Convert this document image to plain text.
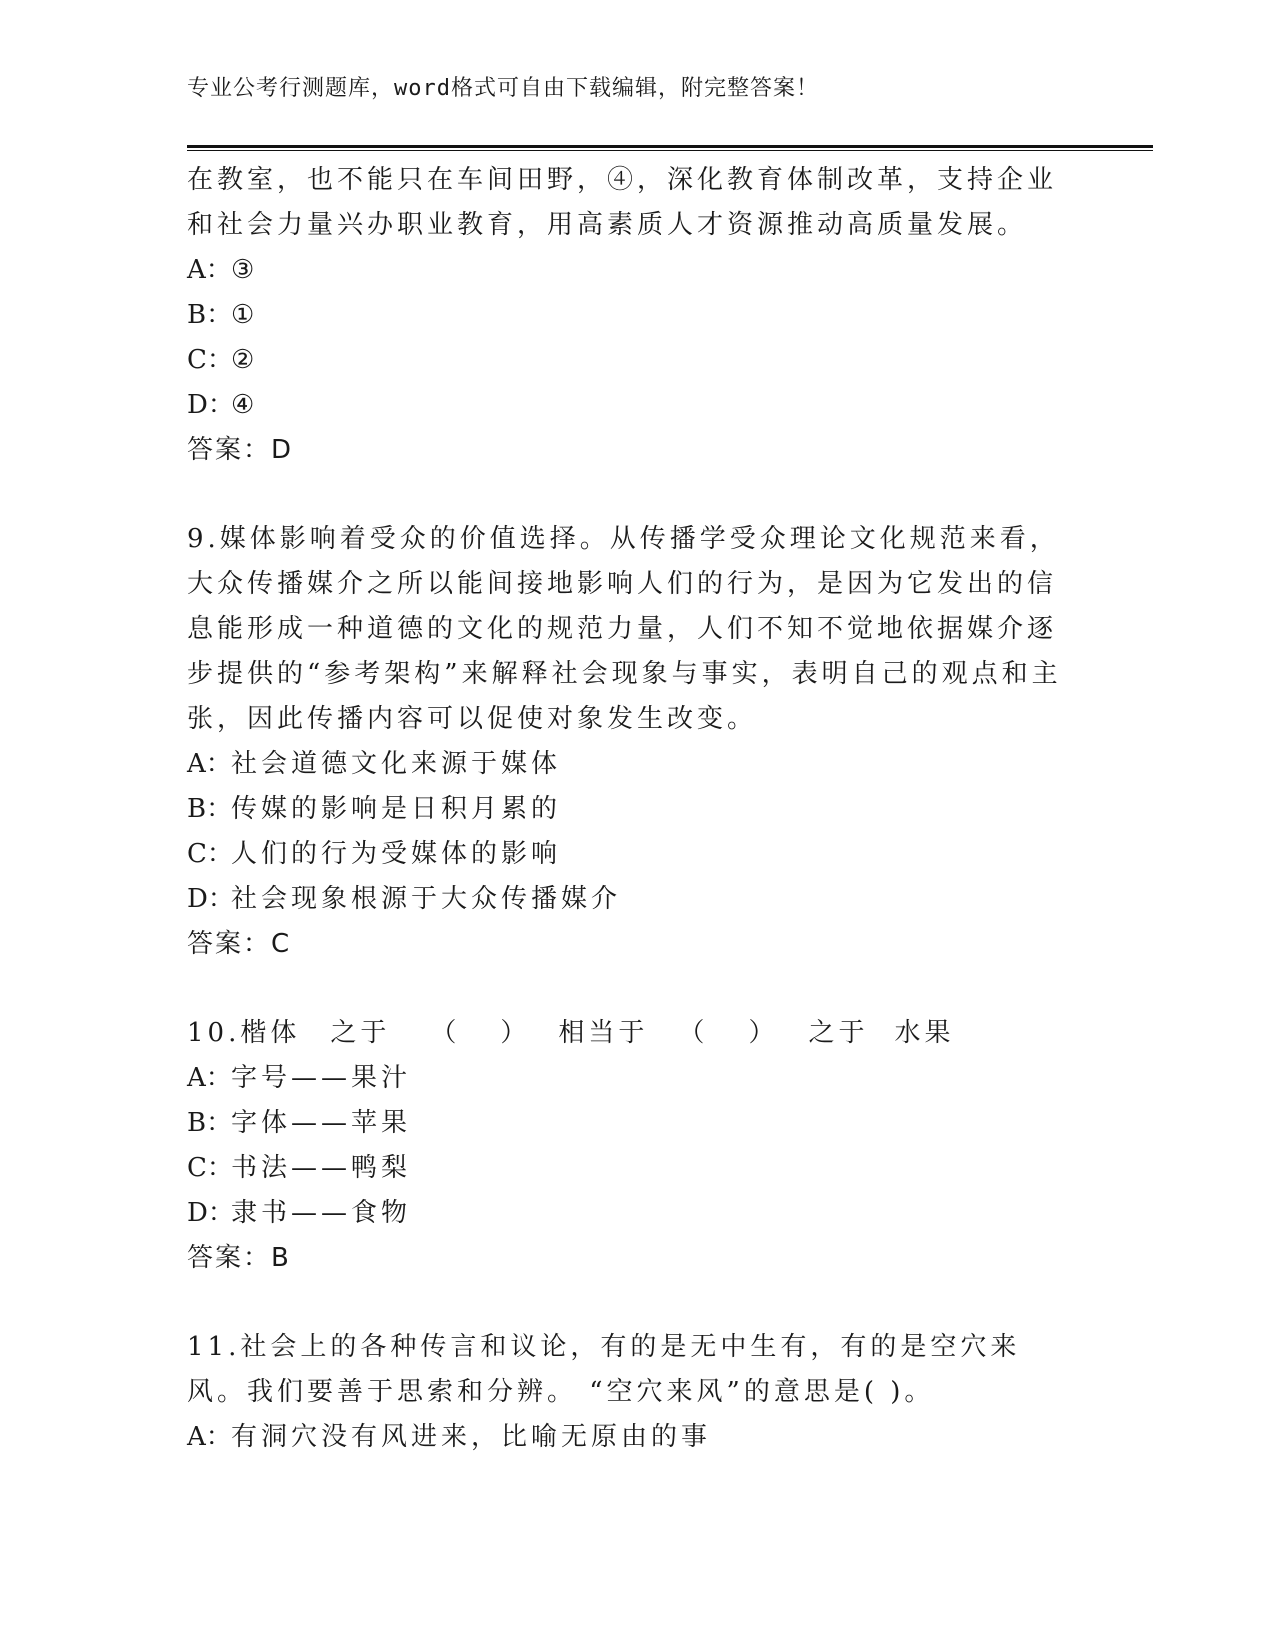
专业公考行测题库，word格式可自由下载编辑，附完整答案！

在教室，也不能只在车间田野，④，深化教育体制改革，支持企业和社会力量兴办职业教育，用高素质人才资源推动高质量发展。

A：③

B：①

C：②

D：④

答案：D

9.媒体影响着受众的价值选择。从传播学受众理论文化规范来看，大众传播媒介之所以能间接地影响人们的行为，是因为它发出的信息能形成一种道德的文化的规范力量，人们不知不觉地依据媒介逐步提供的“参考架构”来解释社会现象与事实，表明自己的观点和主张，因此传播内容可以促使对象发生改变。

A：社会道德文化来源于媒体

B：传媒的影响是日积月累的

C：人们的行为受媒体的影响

D：社会现象根源于大众传播媒介

答案：C

10.楷体 之于 （ ） 相当于 （ ） 之于 水果

A：字号——果汁

B：字体——苹果

C：书法——鸭梨

D：隶书——食物

答案：B

11.社会上的各种传言和议论，有的是无中生有，有的是空穴来风。我们要善于思索和分辨。 “空穴来风”的意思是( )。

A：有洞穴没有风进来，比喻无原由的事
